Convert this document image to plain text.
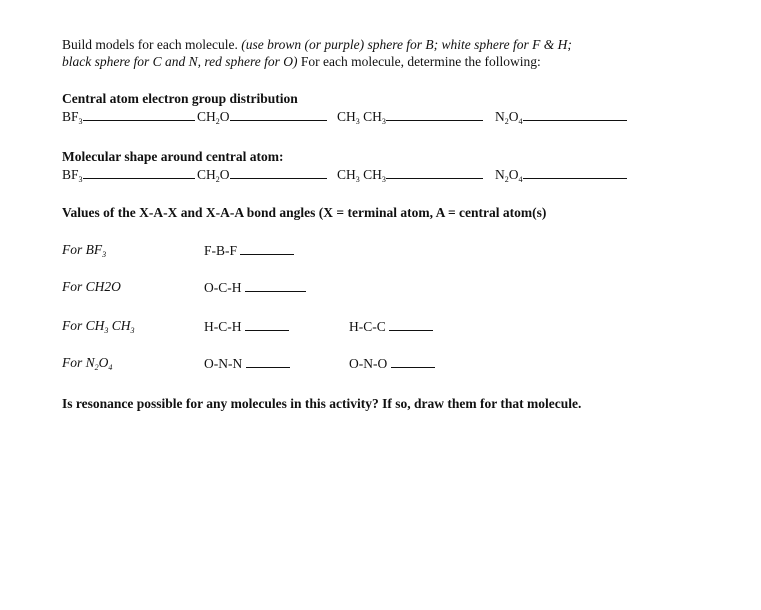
Build models for each molecule. (use brown (or purple) sphere for B; white sphere for F & H;
black sphere for C and N, red sphere for O) For each molecule, determine the following:
Central atom electron group distribution
$BF_3$	$CH_2O$	$CH_3$ $CH_3$	$N_2O_4$
Molecular shape around central atom:
$BF_3$	$CH_2O$	$CH_3$ $CH_3$	$N_2O_4$
Values of the X-A-X and X-A-A bond angles (X = terminal atom, A = central atom(s)
For $BF_3$	F-B-F
For CH2O	O-C-H
For $CH_3$ $CH_3$	H-C-H	H-C-C
For $N_2O_4$	O-N-N	O-N-O
Is resonance possible for any molecules in this activity? If so, draw them for that molecule.
